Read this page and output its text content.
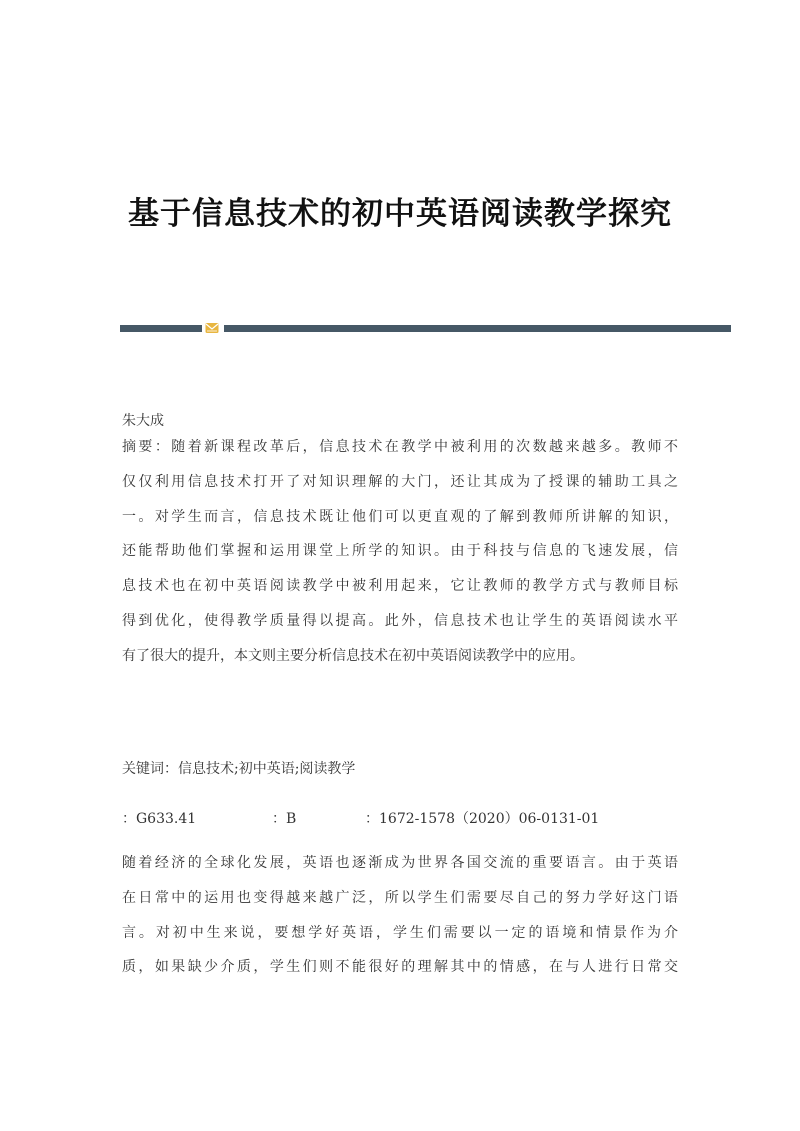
基于信息技术的初中英语阅读教学探究
朱大成
摘要：随着新课程改革后，信息技术在教学中被利用的次数越来越多。教师不
仅仅利用信息技术打开了对知识理解的大门，还让其成为了授课的辅助工具之
一。对学生而言，信息技术既让他们可以更直观的了解到教师所讲解的知识，
还能帮助他们掌握和运用课堂上所学的知识。由于科技与信息的飞速发展，信
息技术也在初中英语阅读教学中被利用起来，它让教师的教学方式与教师目标
得到优化，使得教学质量得以提高。此外，信息技术也让学生的英语阅读水平
有了很大的提升，本文则主要分析信息技术在初中英语阅读教学中的应用。
关键词：信息技术;初中英语;阅读教学
：G633.41	：B	：1672-1578（2020）06-0131-01
随着经济的全球化发展，英语也逐渐成为世界各国交流的重要语言。由于英语
在日常中的运用也变得越来越广泛，所以学生们需要尽自己的努力学好这门语
言。对初中生来说，要想学好英语，学生们需要以一定的语境和情景作为介
质，如果缺少介质，学生们则不能很好的理解其中的情感，在与人进行日常交
